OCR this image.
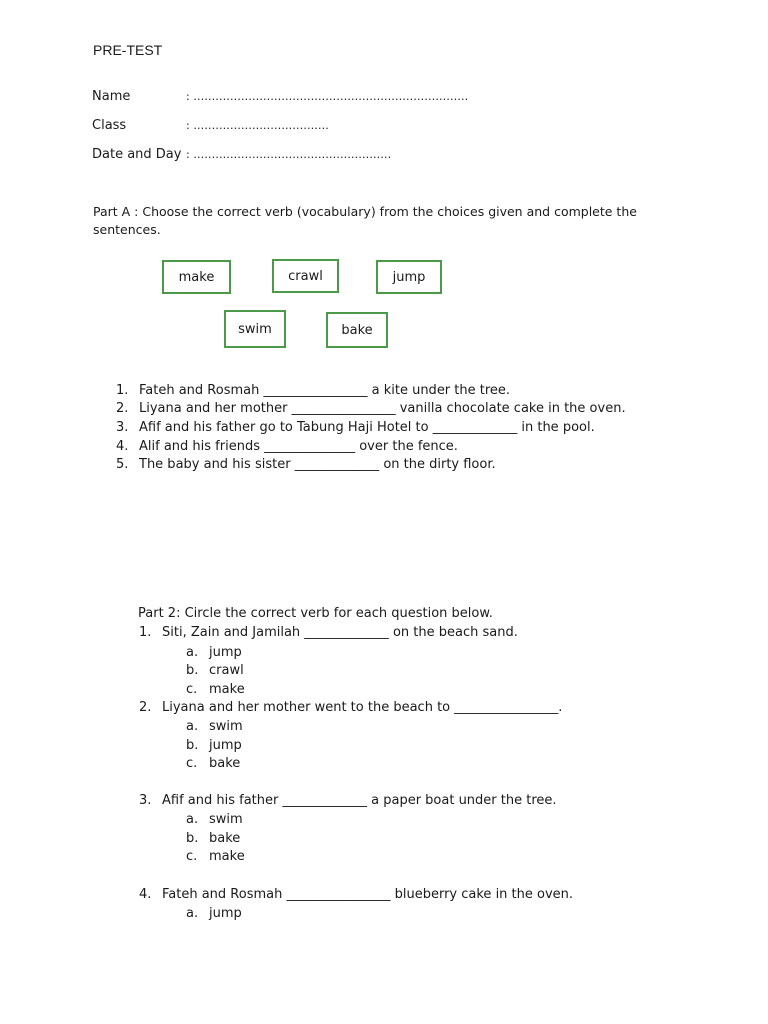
PRE-TEST
Name	: …………………………………………………………………
Class	: ……………………………….
Date and Day : ………………………………………………
Part A : Choose the correct verb (vocabulary) from the choices given and complete the sentences.
make	crawl	jump
swim	bake
1. Fateh and Rosmah ________________ a kite under the tree.
2. Liyana and her mother ________________ vanilla chocolate cake in the oven.
3. Afif and his father go to Tabung Haji Hotel to _____________ in the pool.
4. Alif and his friends ______________ over the fence.
5. The baby and his sister _____________ on the dirty floor.
Part 2: Circle the correct verb for each question below.
1. Siti, Zain and Jamilah _____________ on the beach sand.
a. jump
b. crawl
c. make
2. Liyana and her mother went to the beach to ________________.
a. swim
b. jump
c. bake
3. Afif and his father _____________ a paper boat under the tree.
a. swim
b. bake
c. make
4. Fateh and Rosmah ________________ blueberry cake in the oven.
a. jump
